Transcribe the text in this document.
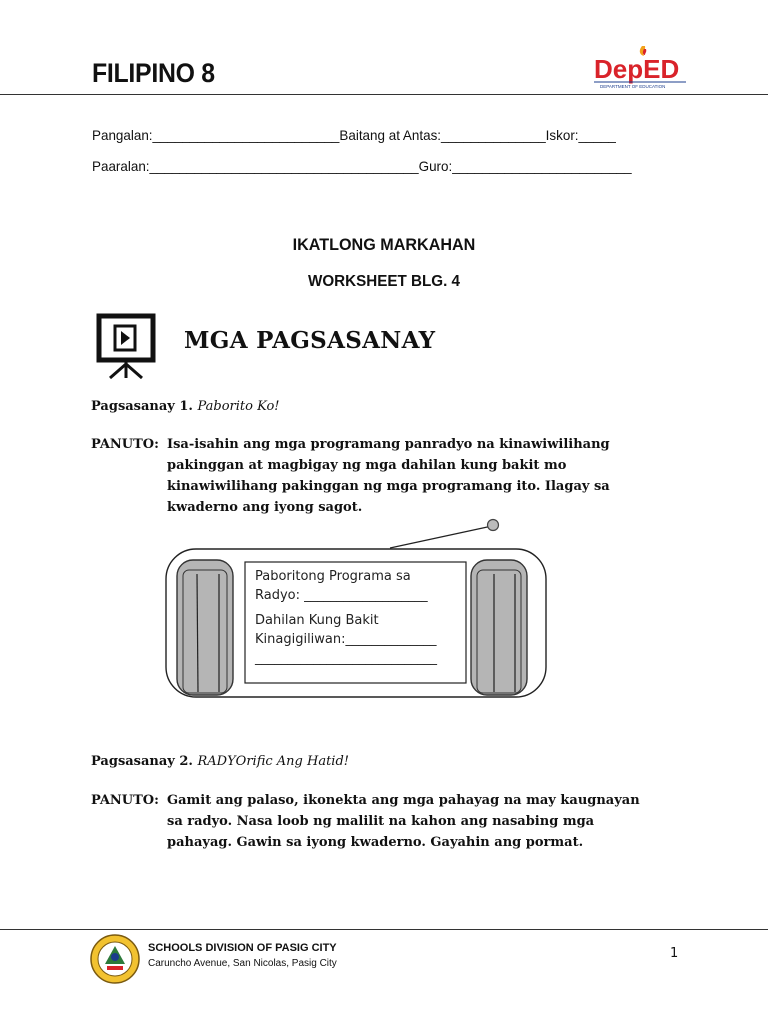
FILIPINO 8	DepED
DEPARTMENT OF EDUCATION
Pangalan:_________________________Baitang at Antas:______________Iskor:_____
Paaralan:____________________________________Guro:________________________
IKATLONG MARKAHAN
WORKSHEET BLG. 4
MGA PAGSASANAY
Pagsasanay 1. Paborito Ko!
PANUTO: Isa-isahin ang mga programang panradyo na kinawiwilihang pakinggan at magbigay ng mga dahilan kung bakit mo kinawiwilihang pakinggan ng mga programang ito. Ilagay sa kwaderno ang iyong sagot.
Paboritong Programa sa Radyo: ___________________
Dahilan Kung Bakit Kinagigiliwan:______________
____________________________
Pagsasanay 2. RADYOrific Ang Hatid!
PANUTO: Gamit ang palaso, ikonekta ang mga pahayag na may kaugnayan sa radyo. Nasa loob ng malilit na kahon ang nasabing mga pahayag. Gawin sa iyong kwaderno. Gayahin ang pormat.
SCHOOLS DIVISION OF PASIG CITY
Caruncho Avenue, San Nicolas, Pasig City
1
